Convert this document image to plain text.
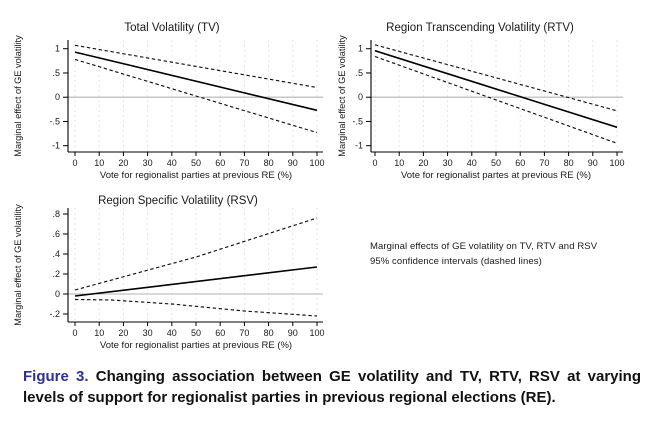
0 10 20 30 40 50 60 70 80 90 100
1
.5
0
-.5
-1
Total Volatility (TV)
Vote for regionalist parties at previous RE (%)
Marginal effect of GE volatility
0 10 20 30 40 50 60 70 80 90 100
1
.5
0
-.5
-1
Region Transcending Volatility (RTV)
Vote for regionalist partes at previous RE (%)
Marginal effect of GE volatility
0 10 20 30 40 50 60 70 80 90 100
.8
.6
.4
.2
0
-.2
Region Specific Volatility (RSV)
Vote for regionalist parties at previous RE (%)
Marginal effect of GE volatility	Marginal effects of GE volatility on TV, RTV and RSV
95% confidence intervals (dashed lines)
Figure 3. Changing association between GE volatility and TV, RTV, RSV at varying
levels of support for regionalist parties in previous regional elections (RE).
